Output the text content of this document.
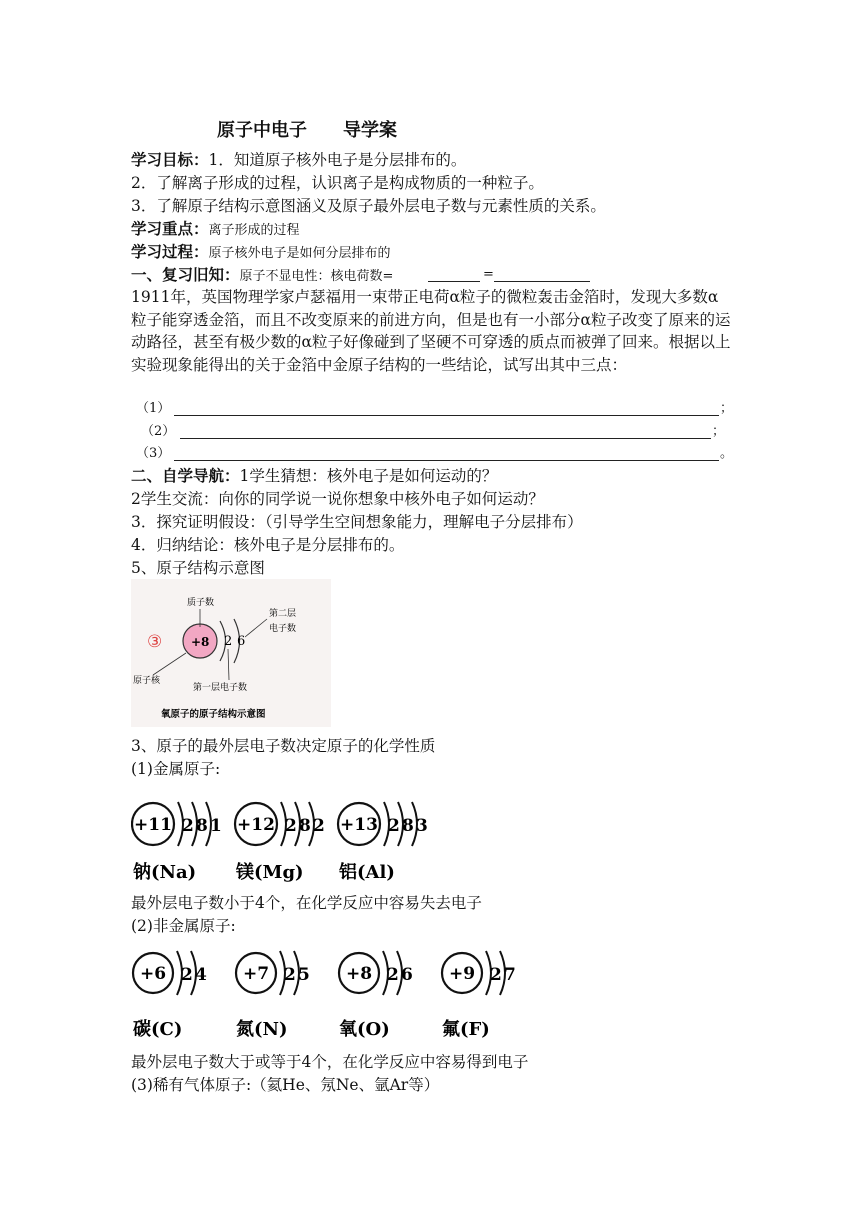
原子中电子 导学案
学习目标：1．知道原子核外电子是分层排布的。
2．了解离子形成的过程，认识离子是构成物质的一种粒子。
3．了解原子结构示意图涵义及原子最外层电子数与元素性质的关系。
学习重点：离子形成的过程
学习过程：原子核外电子是如何分层排布的
一、复习旧知：原子不显电性：核电荷数=	=
1911年，英国物理学家卢瑟福用一束带正电荷α粒子的微粒轰击金箔时，发现大多数α粒子能穿透金箔，而且不改变原来的前进方向，但是也有一小部分α粒子改变了原来的运动路径，甚至有极少数的α粒子好像碰到了坚硬不可穿透的质点而被弹了回来。根据以上实验现象能得出的关于金箔中金原子结构的一些结论，试写出其中三点：
（1）	；
（2）	；
（3）	。
二、自学导航：1学生猜想：核外电子是如何运动的？
2学生交流：向你的同学说一说你想象中核外电子如何运动？
3．探究证明假设：（引导学生空间想象能力，理解电子分层排布）
4．归纳结论：核外电子是分层排布的。
5、原子结构示意图
③ +8 2 6
质子数
第二层
电子数
原子核
第一层电子数
氧原子的原子结构示意图
3、原子的最外层电子数决定原子的化学性质
(1)金属原子:
+11 2 8 1
钠(Na)
+12 2 8 2
镁(Mg)
+13 2 8 3
铝(Al)
最外层电子数小于4个，在化学反应中容易失去电子
(2)非金属原子:
+6 2 4
碳(C)
+7 2 5
氮(N)
+8 2 6
氧(O)
+9 2 7
氟(F)
最外层电子数大于或等于4个，在化学反应中容易得到电子
(3)稀有气体原子:（氦He、氖Ne、氩Ar等）
